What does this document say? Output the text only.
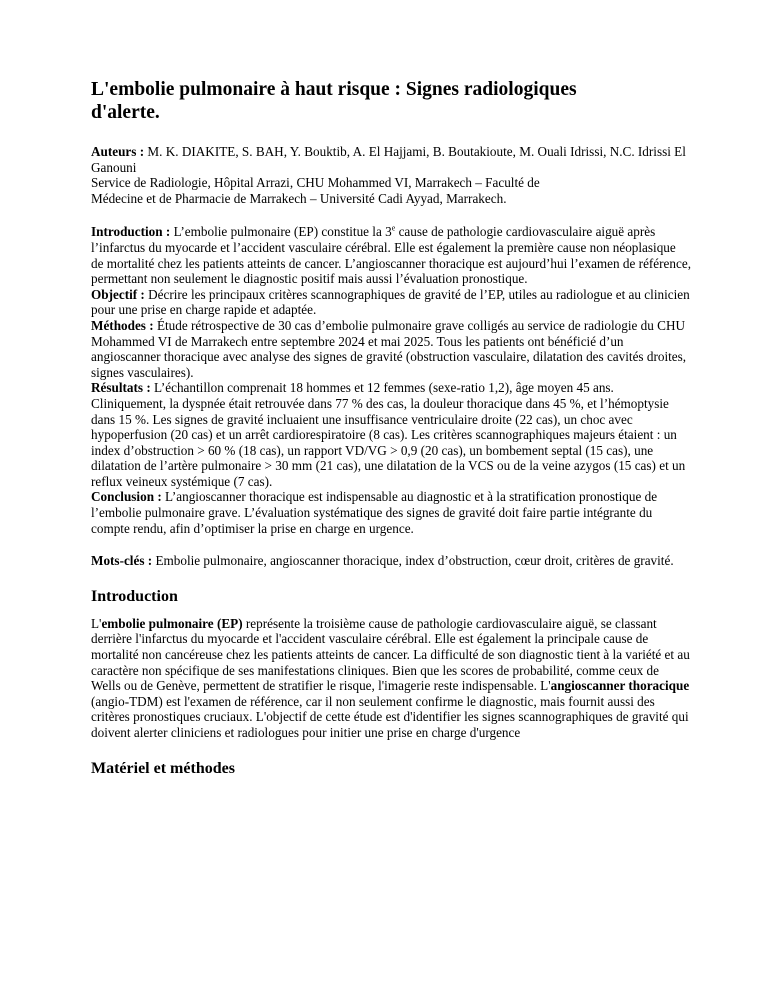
L'embolie pulmonaire à haut risque : Signes radiologiques d'alerte.

Auteurs : M. K. DIAKITE, S. BAH, Y. Bouktib, A. El Hajjami, B. Boutakioute, M. Ouali Idrissi, N.C. Idrissi El Ganouni

Service de Radiologie, Hôpital Arrazi, CHU Mohammed VI, Marrakech – Faculté de
Médecine et de Pharmacie de Marrakech – Université Cadi Ayyad, Marrakech.

Introduction : L’embolie pulmonaire (EP) constitue la 3e cause de pathologie cardiovasculaire aiguë après l’infarctus du myocarde et l’accident vasculaire cérébral. Elle est également la première cause non néoplasique de mortalité chez les patients atteints de cancer. L’angioscanner thoracique est aujourd’hui l’examen de référence, permettant non seulement le diagnostic positif mais aussi l’évaluation pronostique.

Objectif : Décrire les principaux critères scannographiques de gravité de l’EP, utiles au radiologue et au clinicien pour une prise en charge rapide et adaptée.

Méthodes : Étude rétrospective de 30 cas d’embolie pulmonaire grave colligés au service de radiologie du CHU Mohammed VI de Marrakech entre septembre 2024 et mai 2025. Tous les patients ont bénéficié d’un angioscanner thoracique avec analyse des signes de gravité (obstruction vasculaire, dilatation des cavités droites, signes vasculaires).

Résultats : L’échantillon comprenait 18 hommes et 12 femmes (sexe-ratio 1,2), âge moyen 45 ans. Cliniquement, la dyspnée était retrouvée dans 77 % des cas, la douleur thoracique dans 45 %, et l’hémoptysie dans 15 %. Les signes de gravité incluaient une insuffisance ventriculaire droite (22 cas), un choc avec hypoperfusion (20 cas) et un arrêt cardiorespiratoire (8 cas). Les critères scannographiques majeurs étaient : un index d’obstruction > 60 % (18 cas), un rapport VD/VG > 0,9 (20 cas), un bombement septal (15 cas), une dilatation de l’artère pulmonaire > 30 mm (21 cas), une dilatation de la VCS ou de la veine azygos (15 cas) et un reflux veineux systémique (7 cas).

Conclusion : L’angioscanner thoracique est indispensable au diagnostic et à la stratification pronostique de l’embolie pulmonaire grave. L’évaluation systématique des signes de gravité doit faire partie intégrante du compte rendu, afin d’optimiser la prise en charge en urgence.

Mots-clés : Embolie pulmonaire, angioscanner thoracique, index d’obstruction, cœur droit, critères de gravité.

Introduction

L'embolie pulmonaire (EP) représente la troisième cause de pathologie cardiovasculaire aiguë, se classant derrière l'infarctus du myocarde et l'accident vasculaire cérébral. Elle est également la principale cause de mortalité non cancéreuse chez les patients atteints de cancer. La difficulté de son diagnostic tient à la variété et au caractère non spécifique de ses manifestations cliniques. Bien que les scores de probabilité, comme ceux de Wells ou de Genève, permettent de stratifier le risque, l'imagerie reste indispensable. L'angioscanner thoracique (angio-TDM) est l'examen de référence, car il non seulement confirme le diagnostic, mais fournit aussi des critères pronostiques cruciaux. L'objectif de cette étude est d'identifier les signes scannographiques de gravité qui doivent alerter cliniciens et radiologues pour initier une prise en charge d'urgence

Matériel et méthodes
